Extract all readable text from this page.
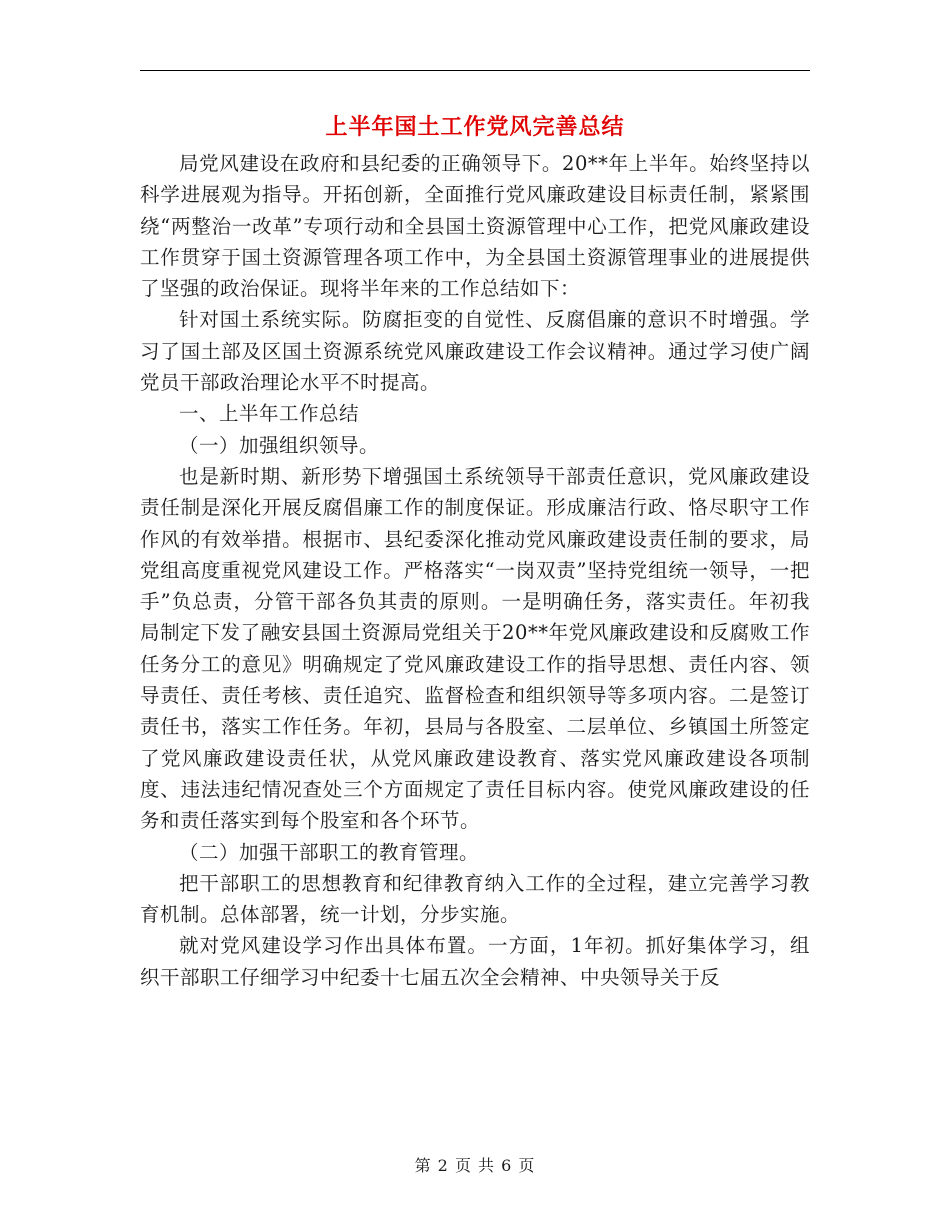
上半年国土工作党风完善总结

局党风建设在政府和县纪委的正确领导下。20**年上半年。始终坚持以科学进展观为指导。开拓创新，全面推行党风廉政建设目标责任制，紧紧围绕“两整治一改革”专项行动和全县国土资源管理中心工作，把党风廉政建设工作贯穿于国土资源管理各项工作中，为全县国土资源管理事业的进展提供了坚强的政治保证。现将半年来的工作总结如下：

针对国土系统实际。防腐拒变的自觉性、反腐倡廉的意识不时增强。学习了国土部及区国土资源系统党风廉政建设工作会议精神。通过学习使广阔党员干部政治理论水平不时提高。

一、上半年工作总结

（一）加强组织领导。

也是新时期、新形势下增强国土系统领导干部责任意识，党风廉政建设责任制是深化开展反腐倡廉工作的制度保证。形成廉洁行政、恪尽职守工作作风的有效举措。根据市、县纪委深化推动党风廉政建设责任制的要求，局党组高度重视党风建设工作。严格落实“一岗双责”坚持党组统一领导，一把手”负总责，分管干部各负其责的原则。一是明确任务，落实责任。年初我局制定下发了融安县国土资源局党组关于20**年党风廉政建设和反腐败工作任务分工的意见》明确规定了党风廉政建设工作的指导思想、责任内容、领导责任、责任考核、责任追究、监督检查和组织领导等多项内容。二是签订责任书，落实工作任务。年初，县局与各股室、二层单位、乡镇国土所签定了党风廉政建设责任状，从党风廉政建设教育、落实党风廉政建设各项制度、违法违纪情况查处三个方面规定了责任目标内容。使党风廉政建设的任务和责任落实到每个股室和各个环节。

（二）加强干部职工的教育管理。

把干部职工的思想教育和纪律教育纳入工作的全过程，建立完善学习教育机制。总体部署，统一计划，分步实施。

就对党风建设学习作出具体布置。一方面，1年初。抓好集体学习，组织干部职工仔细学习中纪委十七届五次全会精神、中央领导关于反

第 2 页 共 6 页
